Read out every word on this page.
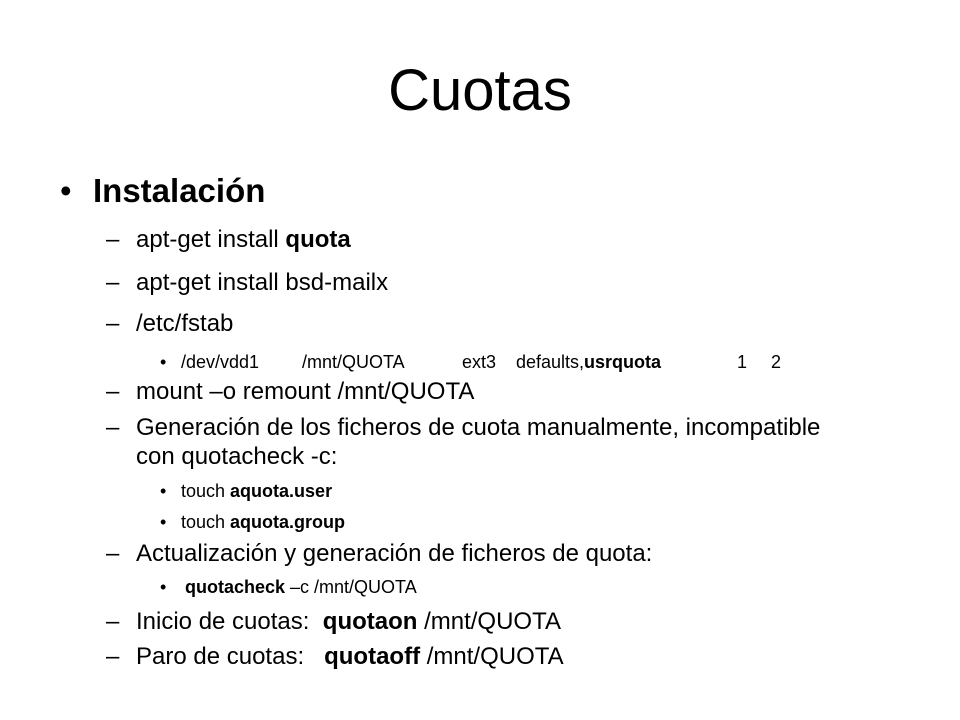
Cuotas
• Instalación
– apt-get install quota
– apt-get install bsd-mailx
– /etc/fstab
• /dev/vdd1 /mnt/QUOTA	ext3 defaults,usrquota	1 2
– mount –o remount /mnt/QUOTA
– Generación de los ficheros de cuota manualmente, incompatible
con quotacheck -c:
• touch aquota.user
• touch aquota.group
– Actualización y generación de ficheros de quota:
• quotacheck –c /mnt/QUOTA
– Inicio de cuotas:  quotaon /mnt/QUOTA
– Paro de cuotas:   quotaoff /mnt/QUOTA
